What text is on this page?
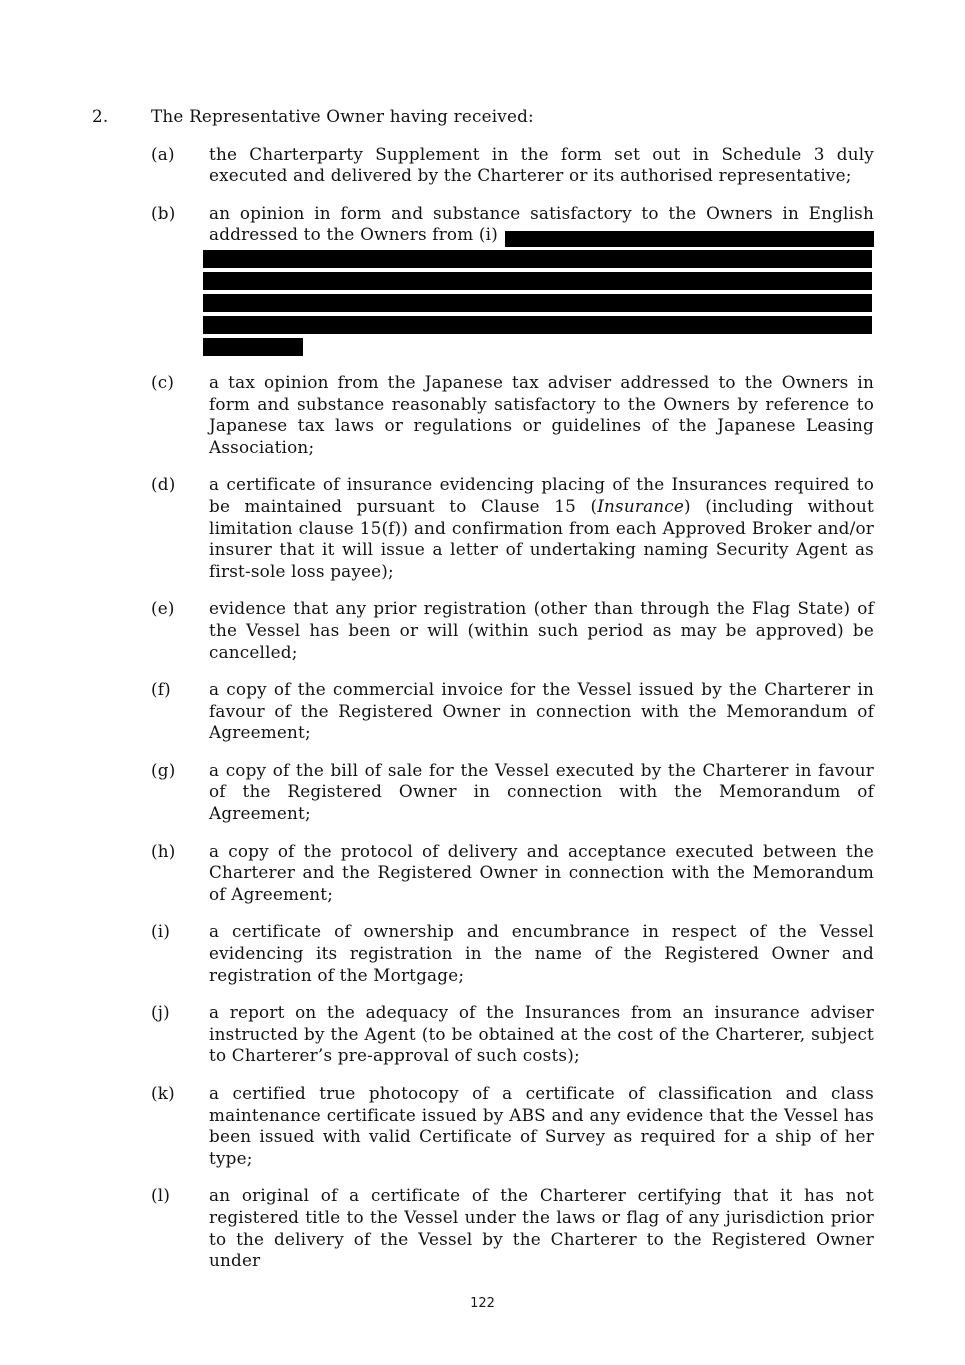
2.	The Representative Owner having received:
(a)	the Charterparty Supplement in the form set out in Schedule 3 duly executed and delivered by the Charterer or its authorised representative;
(b)	an opinion in form and substance satisfactory to the Owners in English
addressed to the Owners from (i)
(c)	a tax opinion from the Japanese tax adviser addressed to the Owners in form and substance reasonably satisfactory to the Owners by reference to Japanese tax laws or regulations or guidelines of the Japanese Leasing Association;
(d)	a certificate of insurance evidencing placing of the Insurances required to be maintained pursuant to Clause 15 (Insurance) (including without limitation clause 15(f)) and confirmation from each Approved Broker and/or insurer that it will issue a letter of undertaking naming Security Agent as first-sole loss payee);
(e)	evidence that any prior registration (other than through the Flag State) of the Vessel has been or will (within such period as may be approved) be cancelled;
(f)	a copy of the commercial invoice for the Vessel issued by the Charterer in favour of the Registered Owner in connection with the Memorandum of Agreement;
(g)	a copy of the bill of sale for the Vessel executed by the Charterer in favour of the Registered Owner in connection with the Memorandum of Agreement;
(h)	a copy of the protocol of delivery and acceptance executed between the Charterer and the Registered Owner in connection with the Memorandum of Agreement;
(i)	a certificate of ownership and encumbrance in respect of the Vessel evidencing its registration in the name of the Registered Owner and registration of the Mortgage;
(j)	a report on the adequacy of the Insurances from an insurance adviser instructed by the Agent (to be obtained at the cost of the Charterer, subject to Charterer’s pre-approval of such costs);
(k)	a certified true photocopy of a certificate of classification and class maintenance certificate issued by ABS and any evidence that the Vessel has been issued with valid Certificate of Survey as required for a ship of her type;
(l)	an original of a certificate of the Charterer certifying that it has not registered title to the Vessel under the laws or flag of any jurisdiction prior to the delivery of the Vessel by the Charterer to the Registered Owner under
122
